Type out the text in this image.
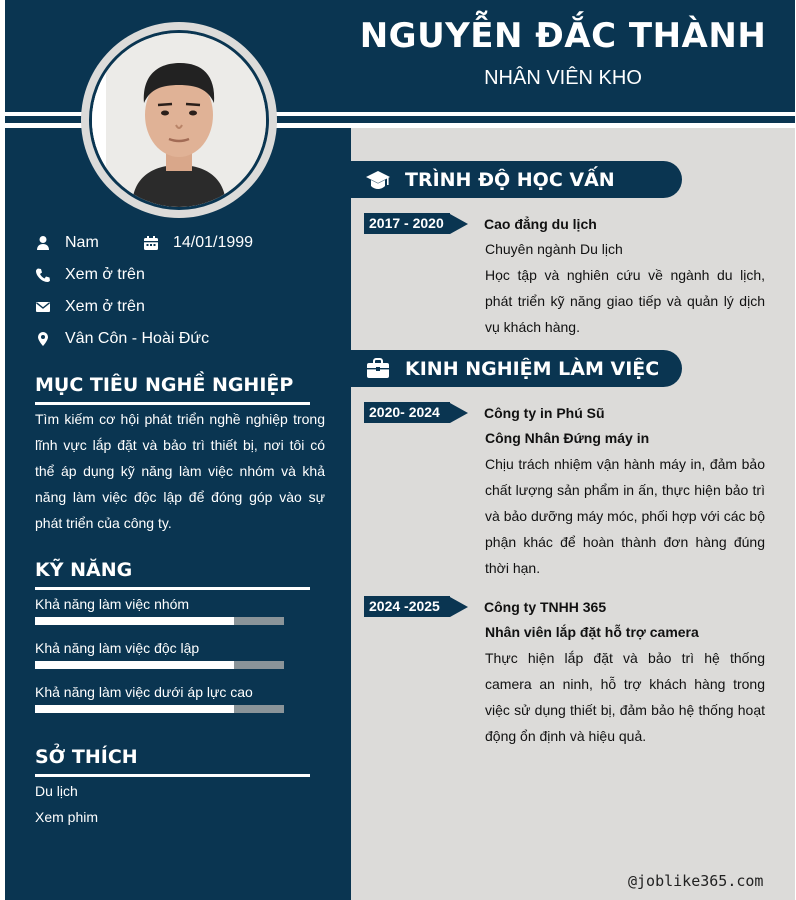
NGUYỄN ĐẮC THÀNH
NHÂN VIÊN KHO
Nam	14/01/1999
Xem ở trên
Xem ở trên
Vân Côn - Hoài Đức
MỤC TIÊU NGHỀ NGHIỆP
Tìm kiếm cơ hội phát triển nghề nghiệp trong lĩnh vực lắp đặt và bảo trì thiết bị, nơi tôi có thể áp dụng kỹ năng làm việc nhóm và khả năng làm việc độc lập để đóng góp vào sự phát triển của công ty.
KỸ NĂNG
Khả năng làm việc nhóm
Khả năng làm việc độc lập
Khả năng làm việc dưới áp lực cao
SỞ THÍCH
Du lịch
Xem phim
TRÌNH ĐỘ HỌC VẤN
2017 - 2020	Cao đẳng du lịch
Chuyên ngành Du lịch
Học tập và nghiên cứu về ngành du lịch, phát triển kỹ năng giao tiếp và quản lý dịch vụ khách hàng.
KINH NGHIỆM LÀM VIỆC
2020- 2024	Công ty in Phú Sũ
Công Nhân Đứng máy in
Chịu trách nhiệm vận hành máy in, đảm bảo chất lượng sản phẩm in ấn, thực hiện bảo trì và bảo dưỡng máy móc, phối hợp với các bộ phận khác để hoàn thành đơn hàng đúng thời hạn.
2024 -2025	Công ty TNHH 365
Nhân viên lắp đặt hỗ trợ camera
Thực hiện lắp đặt và bảo trì hệ thống camera an ninh, hỗ trợ khách hàng trong việc sử dụng thiết bị, đảm bảo hệ thống hoạt động ổn định và hiệu quả.
@joblike365.com
